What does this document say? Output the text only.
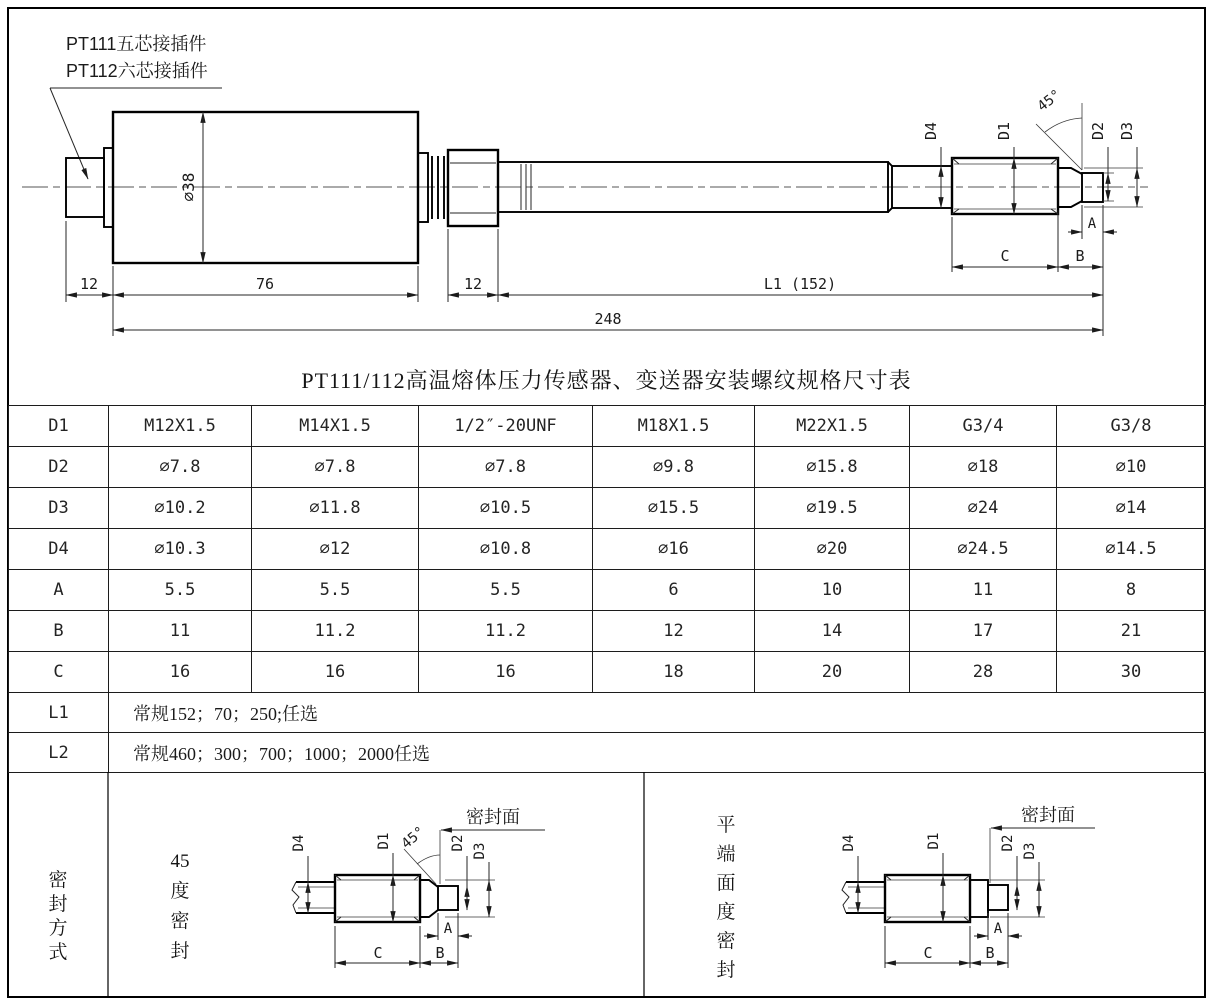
PT111五芯接插件
PT112六芯接插件
12	76	12	L1 (152)
248
∅38
D4	D1	D2 D3
45°
A
C	B
PT111/112高温熔体压力传感器、变送器安装螺纹规格尺寸表
D1	M12X1.5	M14X1.5	1/2″-20UNF	M18X1.5	M22X1.5	G3/4	G3/8
D2	∅7.8	∅7.8	∅7.8	∅9.8	∅15.8	∅18	∅10
D3	∅10.2	∅11.8	∅10.5	∅15.5	∅19.5	∅24	∅14
D4	∅10.3	∅12	∅10.8	∅16	∅20	∅24.5	∅14.5
A	5.5	5.5	5.5	6	10	11	8
B	11	11.2	11.2	12	14	17	21
C	16	16	16	18	20	28	30
L1	常规152；70；250;任选						
L2	常规460；300；700；1000；2000任选						
密封面
45°
D4	D1	D2 D3
A
C	B
密封面
D4	D1	D2 D3
A
C	B
密
封
方
式
45
度
密
封
平
端
面
度
密
封
